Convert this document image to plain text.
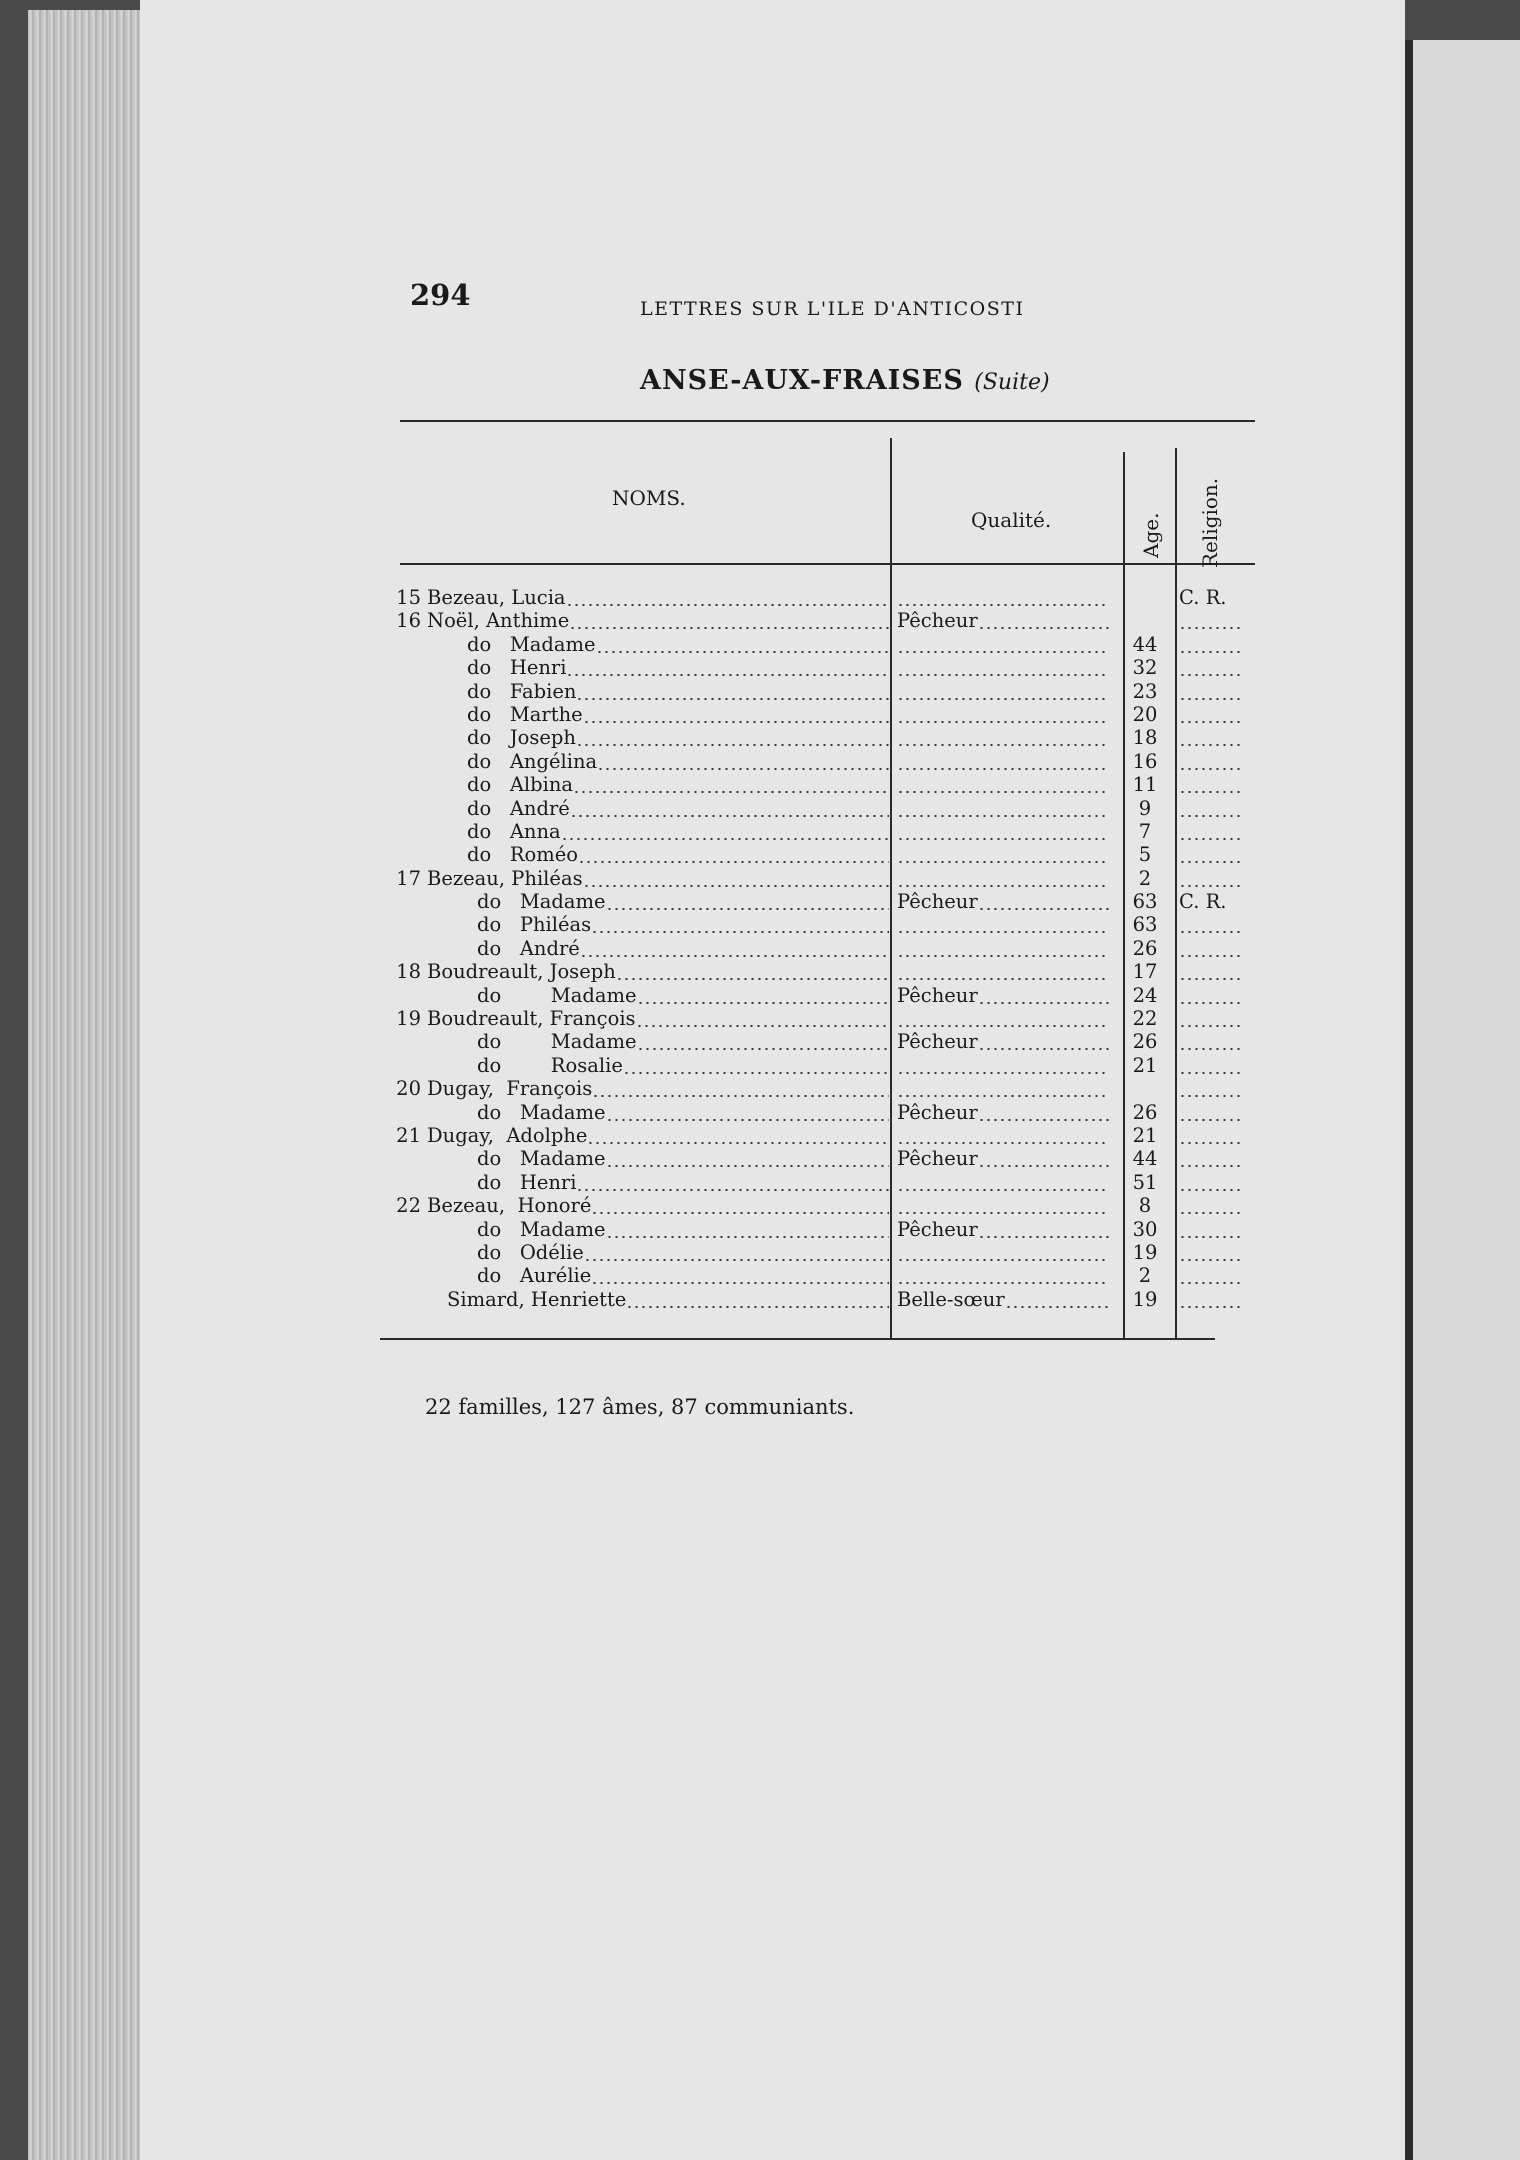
294	LETTRES SUR L'ILE D'ANTICOSTI
ANSE-AUX-FRAISES (Suite)
NOMS.
Qualité.	Age. Religion.
15 Bezeau, Lucia
16 Noël, Anthime
do   Madame
do   Henri
do   Fabien
do   Marthe
do   Joseph
do   Angélina
do   Albina
do   André
do   Anna
do   Roméo
17 Bezeau, Philéas
do   Madame
do   Philéas
do   André
18 Boudreault, Joseph
do        Madame
19 Boudreault, François
do        Madame
do        Rosalie
20 Dugay,  François
do   Madame
21 Dugay,  Adolphe
do   Madame
do   Henri
22 Bezeau,  Honoré
do   Madame
do   Odélie
do   Aurélie
Simard, Henriette
Pêcheur
Pêcheur
Pêcheur
Pêcheur
Pêcheur
Pêcheur
Pêcheur
Belle-sœur
44
32
23
20
18
16
11
9
7
5
2
63
63
26
17
24
22
26
21
26
21
44
51
8
30
19
2
19
C. R.
C. R.
22 familles, 127 âmes, 87 communiants.
